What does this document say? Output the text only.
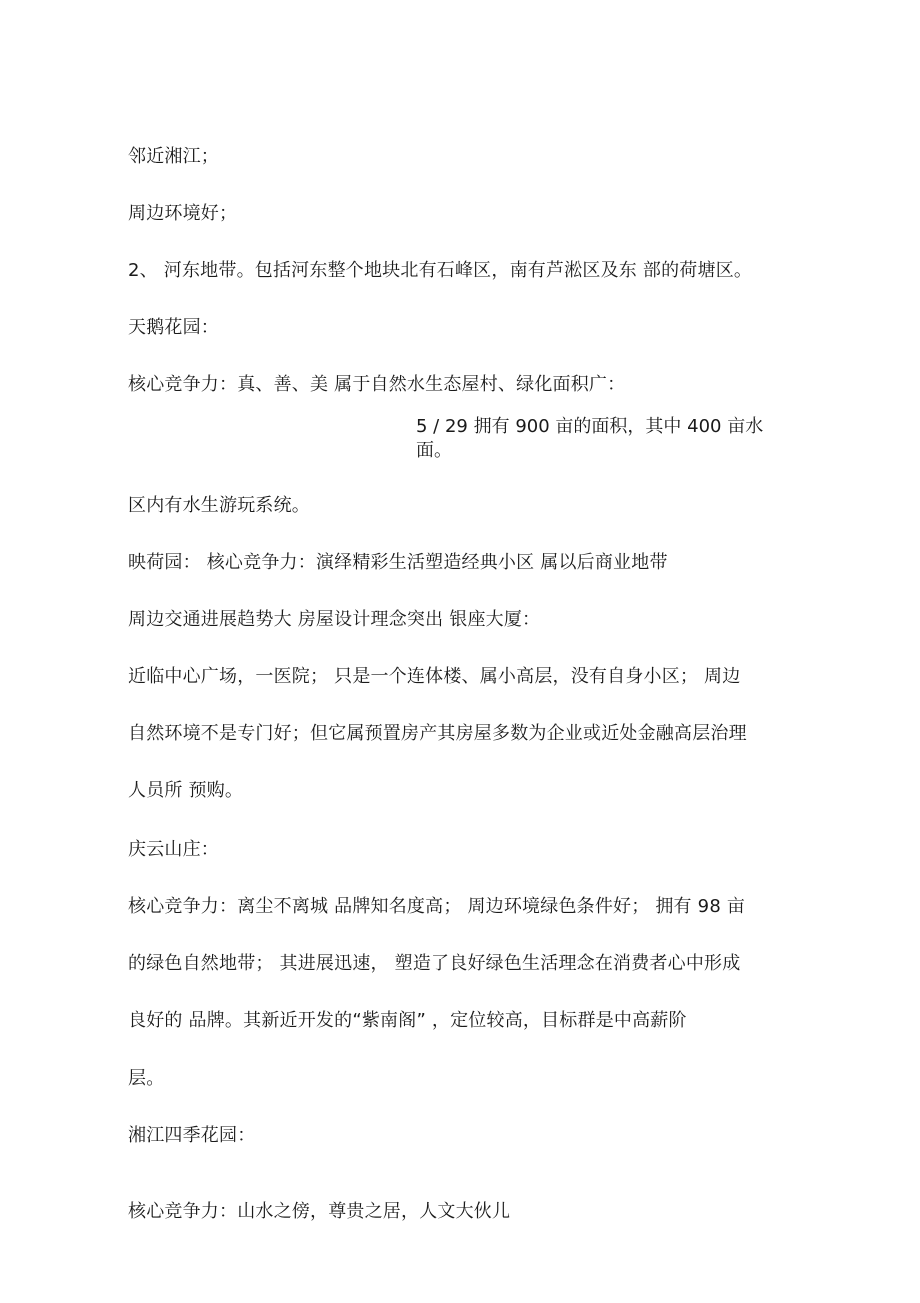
邻近湘江；
周边环境好；
2、 河东地带。包括河东整个地块北有石峰区，南有芦淞区及东 部的荷塘区。
天鹅花园：
核心竞争力：真、善、美 属于自然水生态屋村、绿化面积广：
5 / 29 拥有 900 亩的面积，其中 400 亩水面。
区内有水生游玩系统。
映荷园： 核心竞争力：演绎精彩生活塑造经典小区 属以后商业地带
周边交通进展趋势大 房屋设计理念突出 银座大厦：
近临中心广场，一医院； 只是一个连体楼、属小高层，没有自身小区； 周边
自然环境不是专门好；但它属预置房产其房屋多数为企业或近处金融高层治理
人员所 预购。
庆云山庄：
核心竞争力：离尘不离城 品牌知名度高； 周边环境绿色条件好； 拥有 98 亩
的绿色自然地带； 其进展迅速， 塑造了良好绿色生活理念在消费者心中形成
良好的 品牌。其新近开发的“紫南阁” ，定位较高，目标群是中高薪阶
层。
湘江四季花园：
核心竞争力：山水之傍，尊贵之居，人文大伙儿
